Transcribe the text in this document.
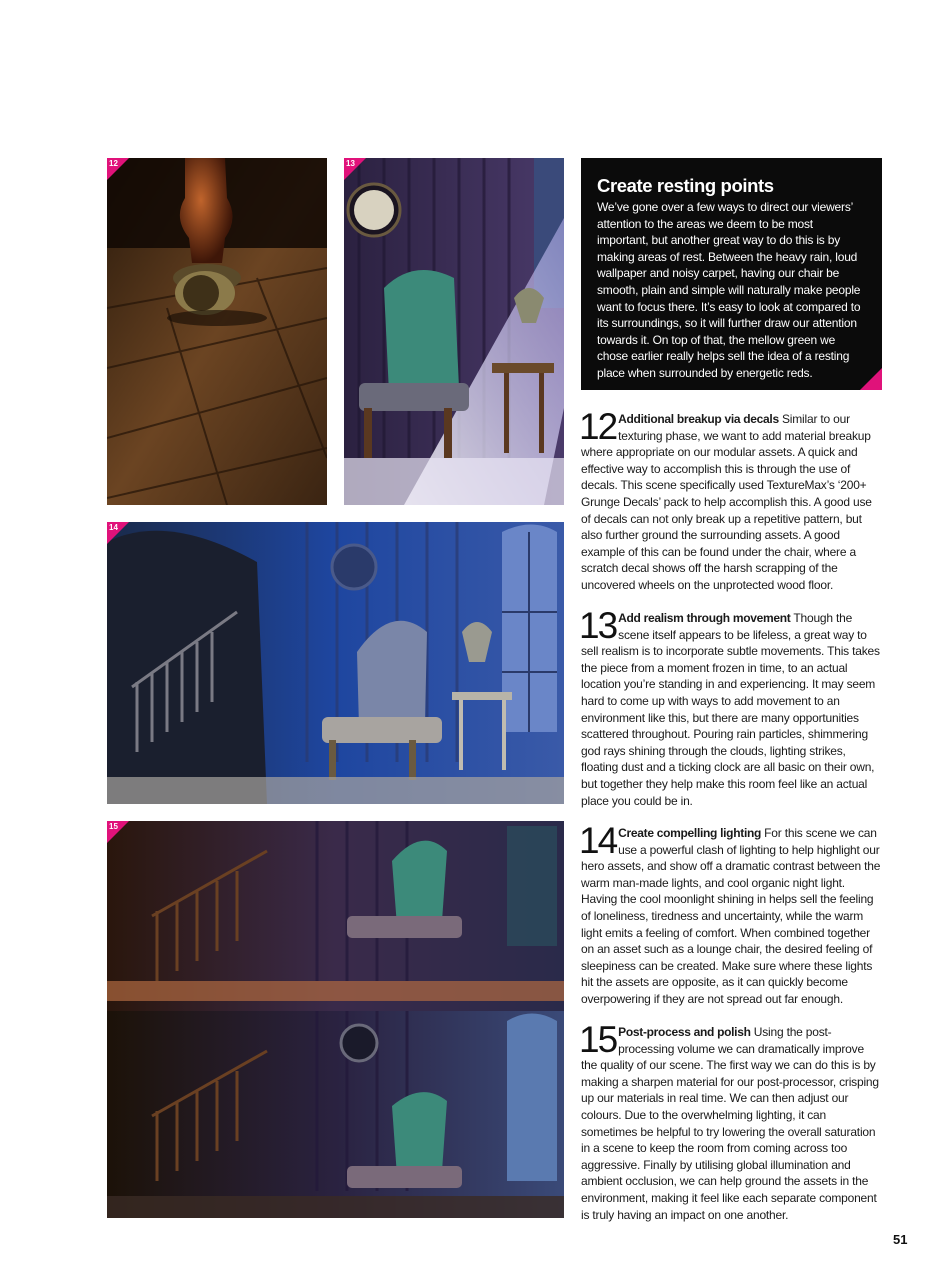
12	13
14
15
Create resting points

We’ve gone over a few ways to direct our viewers’ attention to the areas we deem to be most important, but another great way to do this is by making areas of rest. Between the heavy rain, loud wallpaper and noisy carpet, having our chair be smooth, plain and simple will naturally make people want to focus there. It’s easy to look at compared to its surroundings, so it will further draw our attention towards it. On top of that, the mellow green we chose earlier really helps sell the idea of a resting place when surrounded by energetic reds.

12 Additional breakup via decals Similar to our texturing phase, we want to add material breakup where appropriate on our modular assets. A quick and effective way to accomplish this is through the use of decals. This scene specifically used TextureMax’s ‘200+ Grunge Decals’ pack to help accomplish this. A good use of decals can not only break up a repetitive pattern, but also further ground the surrounding assets. A good example of this can be found under the chair, where a scratch decal shows off the harsh scrapping of the uncovered wheels on the unprotected wood floor.
13 Add realism through movement Though the scene itself appears to be lifeless, a great way to sell realism is to incorporate subtle movements. This takes the piece from a moment frozen in time, to an actual location you’re standing in and experiencing. It may seem hard to come up with ways to add movement to an environment like this, but there are many opportunities scattered throughout. Pouring rain particles, shimmering god rays shining through the clouds, lighting strikes, floating dust and a ticking clock are all basic on their own, but together they help make this room feel like an actual place you could be in.
14 Create compelling lighting For this scene we can use a powerful clash of lighting to help highlight our hero assets, and show off a dramatic contrast between the warm man-made lights, and cool organic night light. Having the cool moonlight shining in helps sell the feeling of loneliness, tiredness and uncertainty, while the warm light emits a feeling of comfort. When combined together on an asset such as a lounge chair, the desired feeling of sleepiness can be created. Make sure where these lights hit the assets are opposite, as it can quickly become overpowering if they are not spread out far enough.
15 Post-process and polish Using the post-processing volume we can dramatically improve the quality of our scene. The first way we can do this is by making a sharpen material for our post-processor, crisping up our materials in real time. We can then adjust our colours. Due to the overwhelming lighting, it can sometimes be helpful to try lowering the overall saturation in a scene to keep the room from coming across too aggressive. Finally by utilising global illumination and ambient occlusion, we can help ground the assets in the environment, making it feel like each separate component is truly having an impact on one another.
51
